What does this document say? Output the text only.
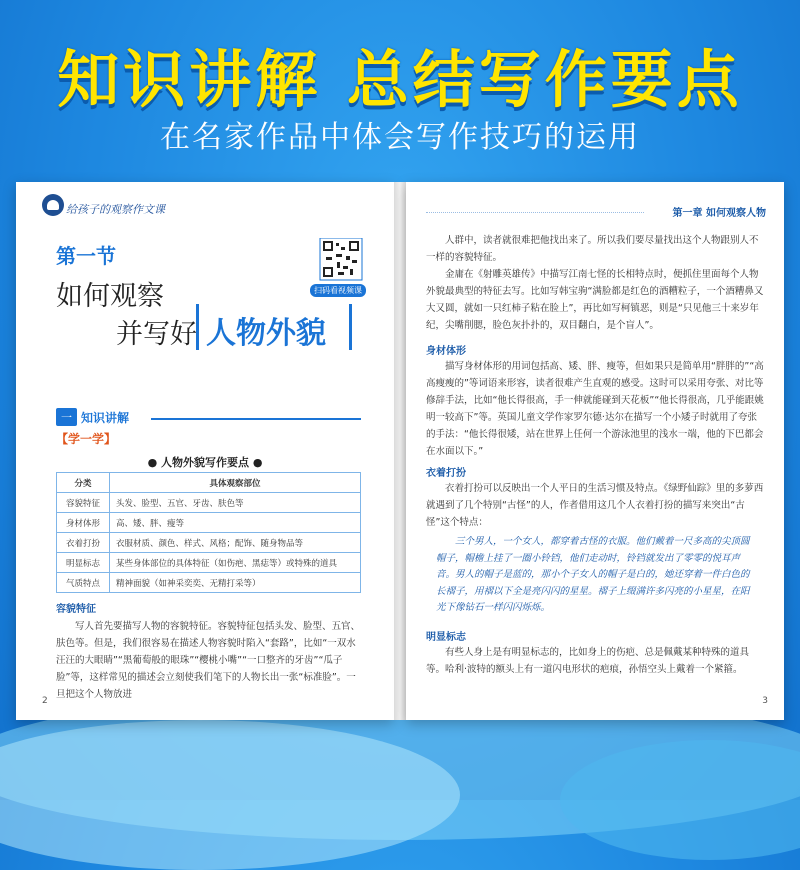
知识讲解 总结写作要点
在名家作品中体会写作技巧的运用
给孩子的观察作文课
第一节
如何观察
并写好 人物外貌
扫码看视频课
一 知识讲解
【学一学】
● 人物外貌写作要点 ●
分类	具体观察部位
容貌特征	头发、脸型、五官、牙齿、肤色等
身材体形	高、矮、胖、瘦等
衣着打扮	衣服材质、颜色、样式、风格；配饰、随身物品等
明显标志	某些身体部位的具体特征（如伤疤、黑痣等）或特殊的道具
气质特点	精神面貌（如神采奕奕、无精打采等）
容貌特征
写人首先要描写人物的容貌特征。容貌特征包括头发、脸型、五官、肤色等。但是，我们很容易在描述人物容貌时陷入“套路”，比如“一双水汪汪的大眼睛”“黑葡萄般的眼珠”“樱桃小嘴”“一口整齐的牙齿”“瓜子脸”等，这样常见的描述会立刻使我们笔下的人物长出一张“标准脸”。一旦把这个人物放进
2
第一章 如何观察人物
人群中，读者就很难把他找出来了。所以我们要尽量找出这个人物跟别人不一样的容貌特征。
金庸在《射雕英雄传》中描写江南七怪的长相特点时，便抓住里面每个人物外貌最典型的特征去写。比如写韩宝驹“满脸都是红色的酒糟粒子，一个酒糟鼻又大又圆，就如一只红柿子粘在脸上”，再比如写柯镇恶，则是“只见他三十来岁年纪，尖嘴削腮，脸色灰扑扑的，双目翻白，是个盲人”。
身材体形
描写身材体形的用词包括高、矮、胖、瘦等，但如果只是简单用“胖胖的”“高高瘦瘦的”等词语来形容，读者很难产生直观的感受。这时可以采用夸张、对比等修辞手法，比如“他长得很高，手一伸就能碰到天花板”“他长得很高，几乎能跟姚明一较高下”等。英国儿童文学作家罗尔德·达尔在描写一个小矮子时就用了夸张的手法：“他长得很矮，站在世界上任何一个游泳池里的浅水一端，他的下巴都会在水面以下。”
衣着打扮
衣着打扮可以反映出一个人平日的生活习惯及特点。《绿野仙踪》里的多萝西就遇到了几个特别“古怪”的人，作者借用这几个人衣着打扮的描写来突出“古怪”这个特点：
三个男人，一个女人，都穿着古怪的衣服。他们戴着一尺多高的尖顶圆帽子，帽檐上挂了一圈小铃铛，他们走动时，铃铛就发出了零零的悦耳声音。男人的帽子是蓝的，那小个子女人的帽子是白的，她还穿着一件白色的长褶子，用褶以下全是亮闪闪的星星。褶子上缀满许多闪亮的小星星，在阳光下像钻石一样闪闪烁烁。
明显标志
有些人身上是有明显标志的，比如身上的伤疤、总是佩戴某种特殊的道具等。哈利·波特的额头上有一道闪电形状的疤痕，孙悟空头上戴着一个紧箍。
3
